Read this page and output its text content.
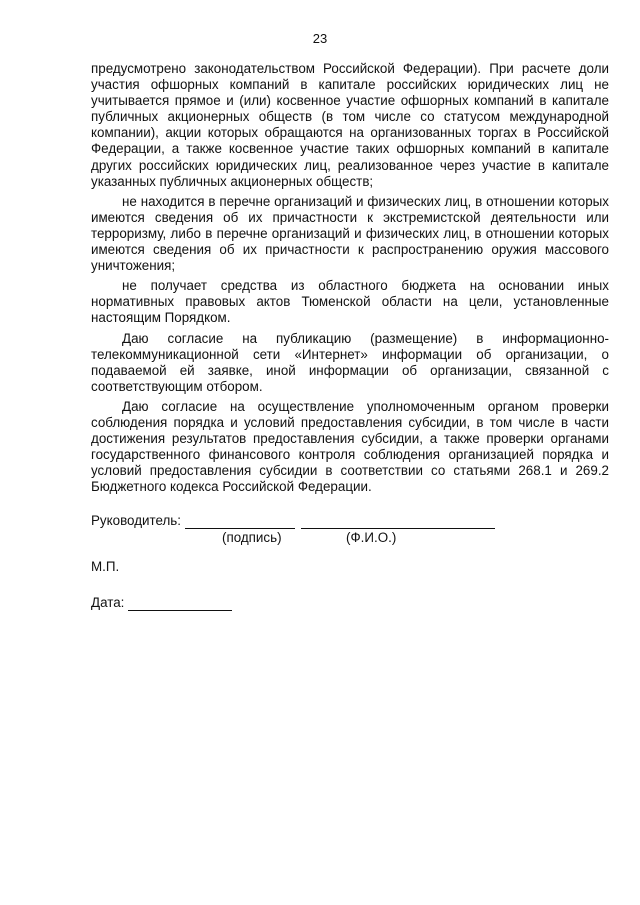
23

предусмотрено законодательством Российской Федерации). При расчете доли участия офшорных компаний в капитале российских юридических лиц не учитывается прямое и (или) косвенное участие офшорных компаний в капитале публичных акционерных обществ (в том числе со статусом международной компании), акции которых обращаются на организованных торгах в Российской Федерации, а также косвенное участие таких офшорных компаний в капитале других российских юридических лиц, реализованное через участие в капитале указанных публичных акционерных обществ;

не находится в перечне организаций и физических лиц, в отношении которых имеются сведения об их причастности к экстремистской деятельности или терроризму, либо в перечне организаций и физических лиц, в отношении которых имеются сведения об их причастности к распространению оружия массового уничтожения;

не получает средства из областного бюджета на основании иных нормативных правовых актов Тюменской области на цели, установленные настоящим Порядком.

Даю согласие на публикацию (размещение) в информационно-телекоммуникационной сети «Интернет» информации об организации, о подаваемой ей заявке, иной информации об организации, связанной с соответствующим отбором.

Даю согласие на осуществление уполномоченным органом проверки соблюдения порядка и условий предоставления субсидии, в том числе в части достижения результатов предоставления субсидии, а также проверки органами государственного финансового контроля соблюдения организацией порядка и условий предоставления субсидии в соответствии со статьями 268.1 и 269.2 Бюджетного кодекса Российской Федерации.

Руководитель:
(подпись)	(Ф.И.О.)
М.П.
Дата:
